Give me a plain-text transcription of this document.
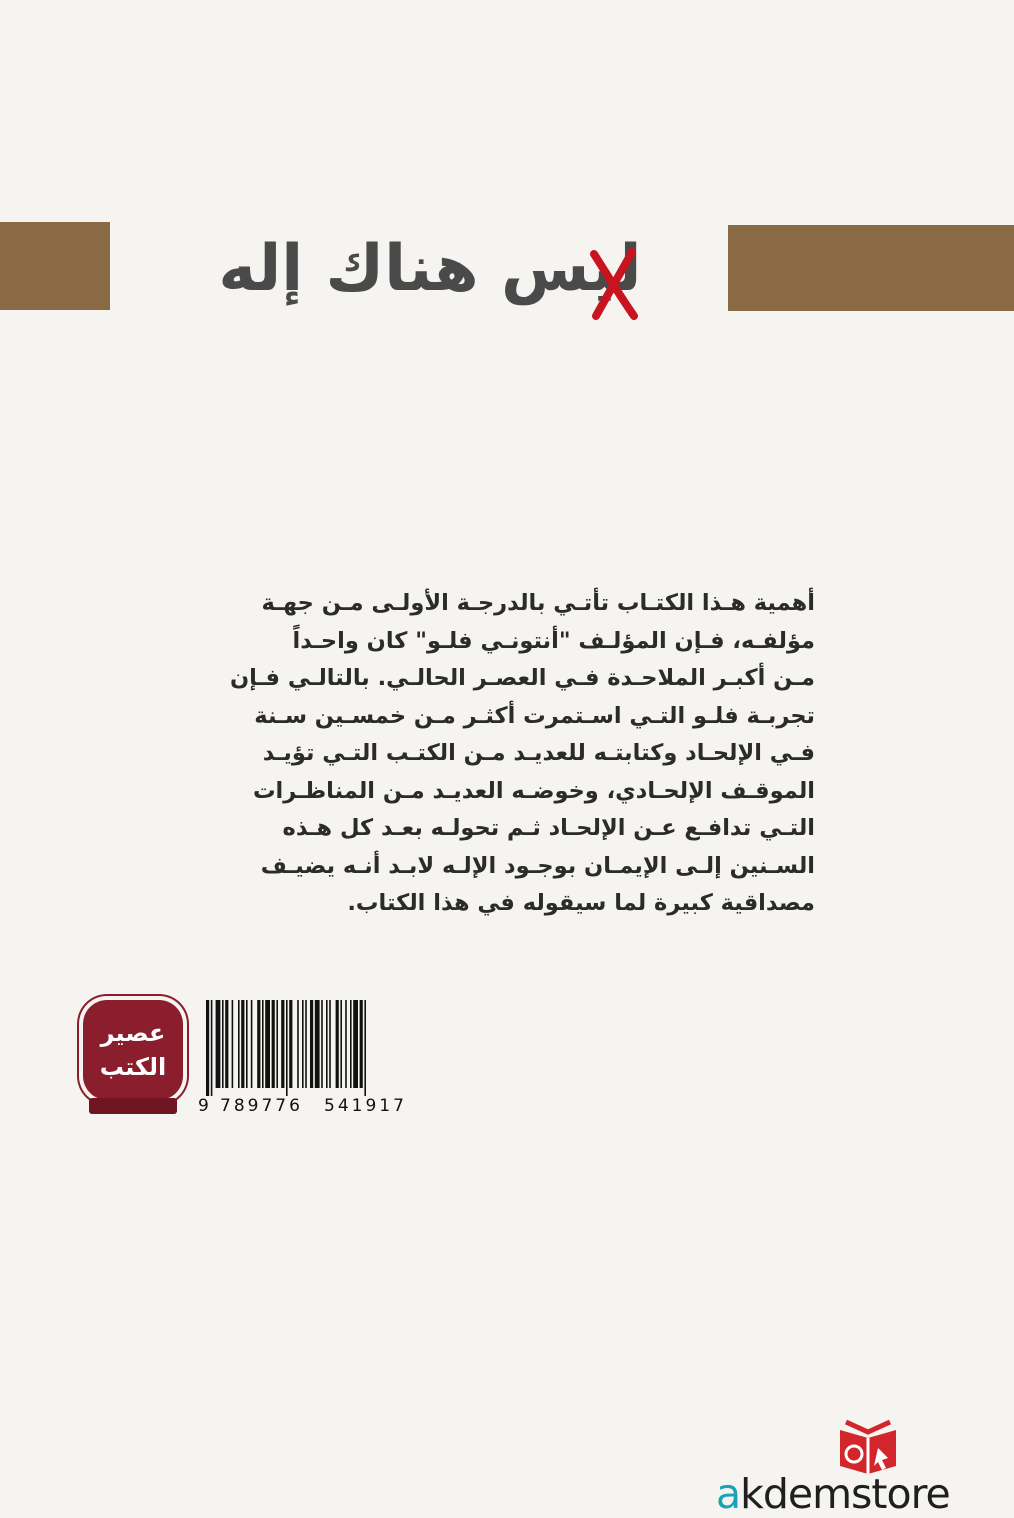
ليس هناك إله
أهمية هـذا الكتـاب تأتـي بالدرجـة الأولـى مـن جهـة
مؤلفـه، فـإن المؤلـف "أنتونـي فلـو" كان واحـداً
مـن أكبـر الملاحـدة فـي العصـر الحالـي. بالتالـي فـإن
تجربـة فلـو التـي اسـتمرت أكثـر مـن خمسـين سـنة
فـي الإلحـاد وكتابتـه للعديـد مـن الكتـب التـي تؤيـد
الموقـف الإلحـادي، وخوضـه العديـد مـن المناظـرات
التـي تدافـع عـن الإلحـاد ثـم تحولـه بعـد كل هـذه
السـنين إلـى الإيمـان بوجـود الإلـه لابـد أنـه يضيـف
مصداقية كبيرة لما سيقوله في هذا الكتاب.
عصير
الكتب
9 789776 541917
akdemstore
